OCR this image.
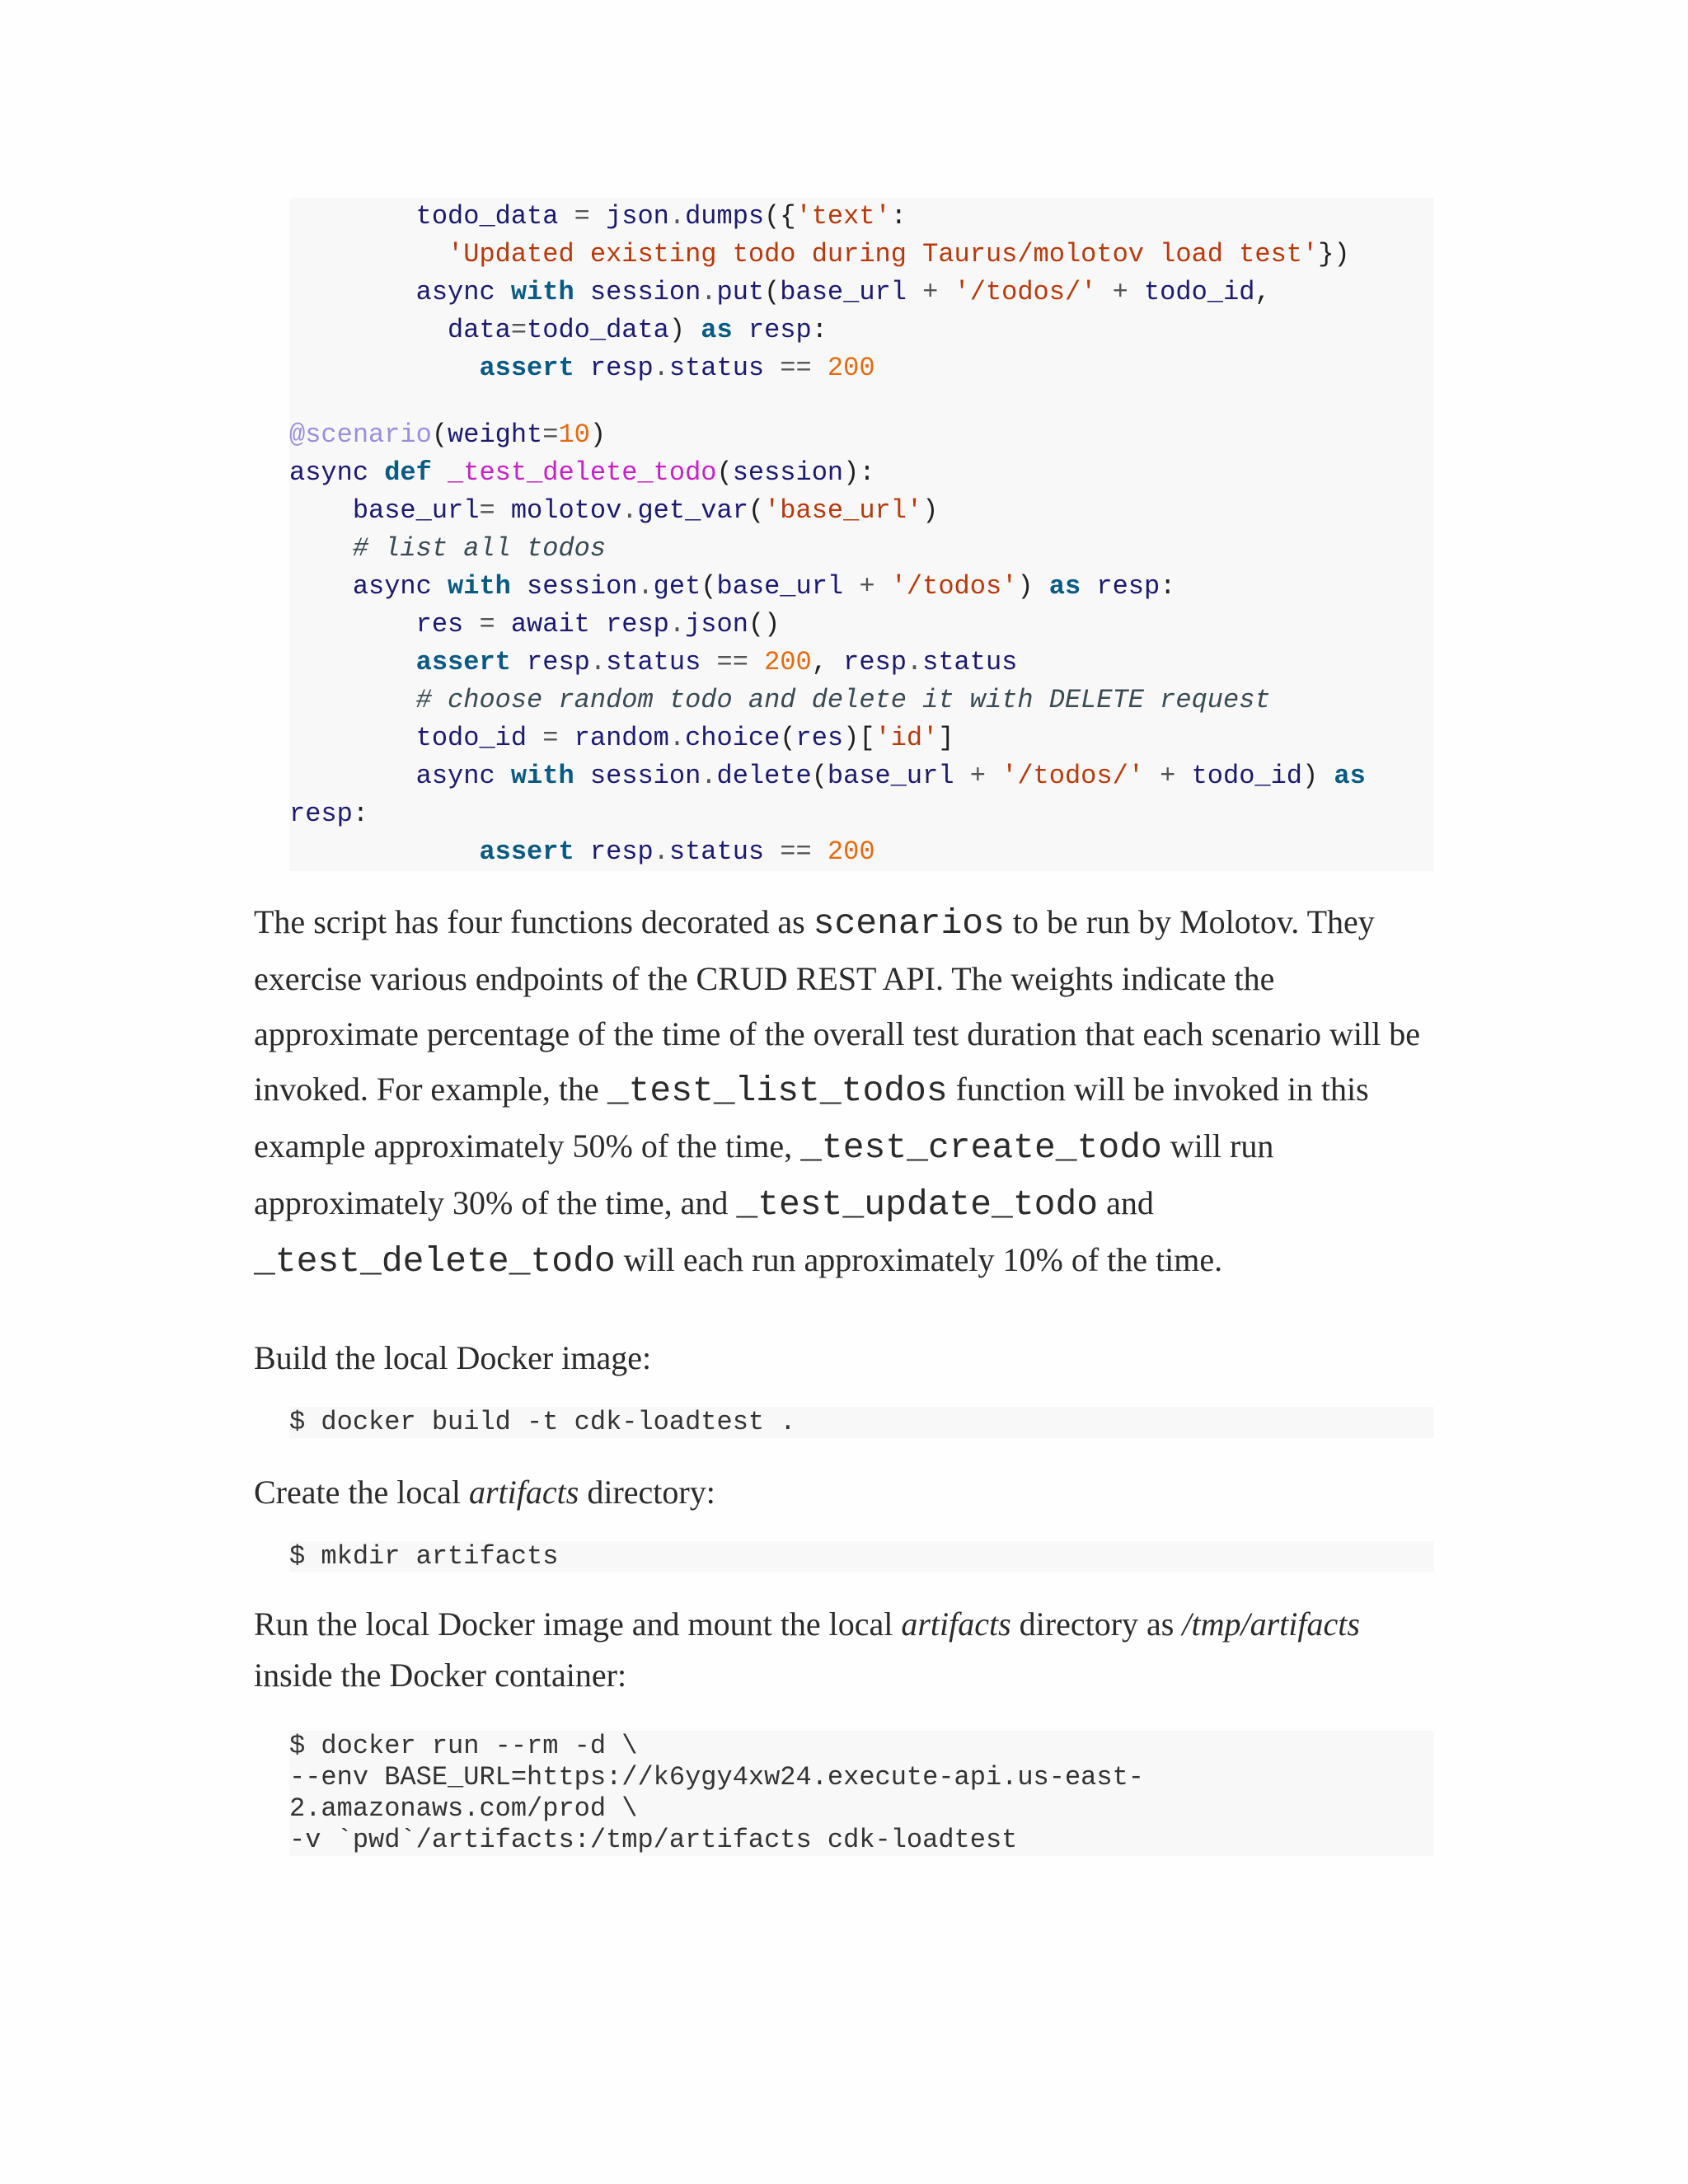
todo_data = json.dumps({'text':
'Updated existing todo during Taurus/molotov load test'})
async with session.put(base_url + '/todos/' + todo_id,
data=todo_data) as resp:
assert resp.status == 200
@scenario(weight=10)
async def _test_delete_todo(session):
base_url= molotov.get_var('base_url')
# list all todos
async with session.get(base_url + '/todos') as resp:
res = await resp.json()
assert resp.status == 200, resp.status
# choose random todo and delete it with DELETE request
todo_id = random.choice(res)['id']
async with session.delete(base_url + '/todos/' + todo_id) as
resp:
assert resp.status == 200

The script has four functions decorated as scenarios to be run by Molotov. They exercise various endpoints of the CRUD REST API. The weights indicate the approximate percentage of the time of the overall test duration that each scenario will be invoked. For example, the _test_list_todos function will be invoked in this example approximately 50% of the time, _test_create_todo will run approximately 30% of the time, and _test_update_todo and _test_delete_todo will each run approximately 10% of the time.

Build the local Docker image:

$ docker build -t cdk-loadtest .

Create the local artifacts directory:

$ mkdir artifacts

Run the local Docker image and mount the local artifacts directory as /tmp/artifacts inside the Docker container:

$ docker run --rm -d \
--env BASE_URL=https://k6ygy4xw24.execute-api.us-east-
2.amazonaws.com/prod \
-v `pwd`/artifacts:/tmp/artifacts cdk-loadtest
